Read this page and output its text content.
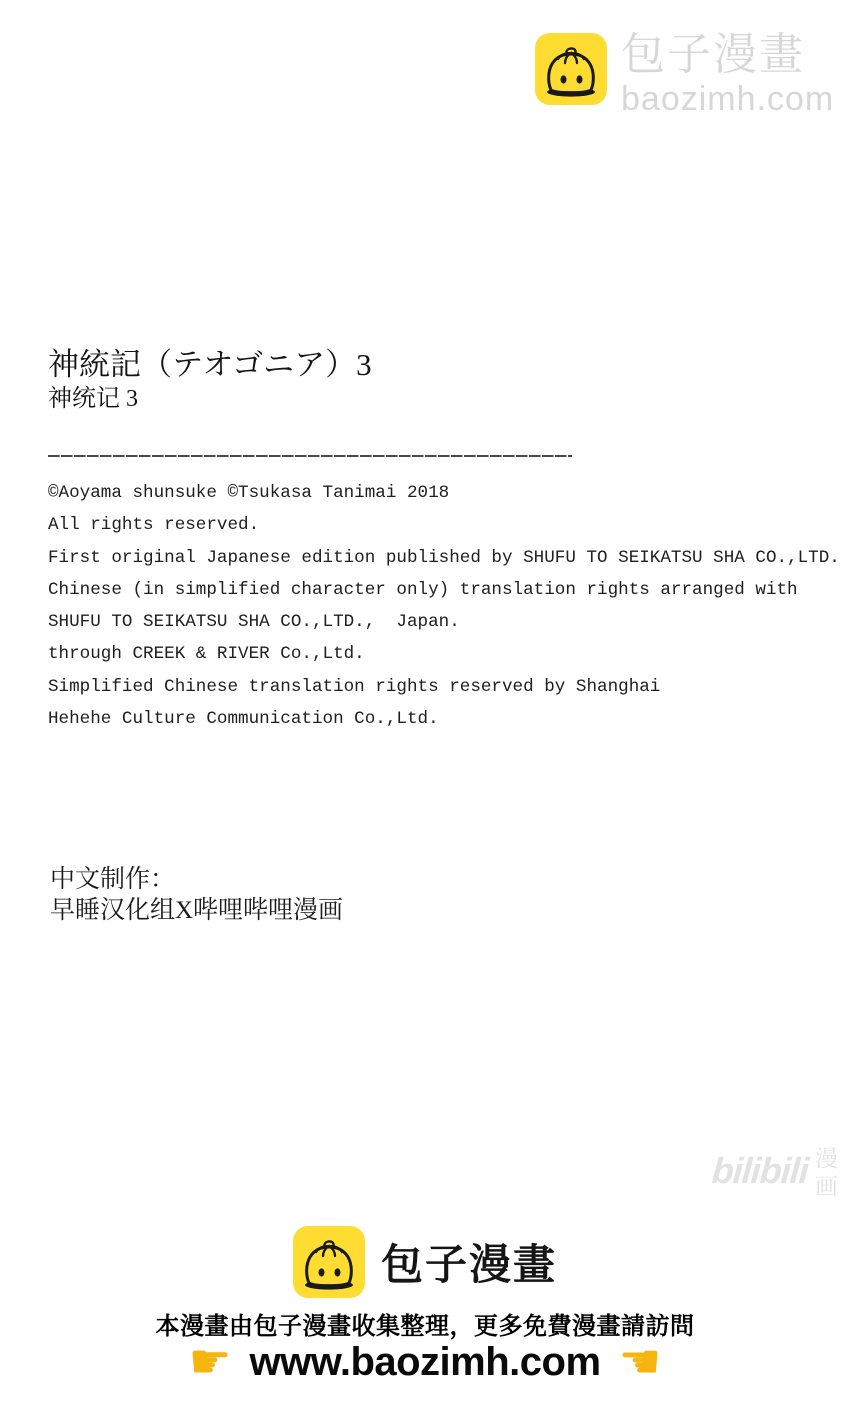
包子漫畫
baozimh.com
神統記（テオゴニア）3
神统记 3
©Aoyama shunsuke ©Tsukasa Tanimai 2018
All rights reserved.
First original Japanese edition published by SHUFU TO SEIKATSU SHA CO.,LTD.
Chinese (in simplified character only) translation rights arranged with
SHUFU TO SEIKATSU SHA CO.,LTD.,  Japan.
through CREEK & RIVER Co.,Ltd.
Simplified Chinese translation rights reserved by Shanghai
Hehehe Culture Communication Co.,Ltd.
中文制作：
早睡汉化组X哔哩哔哩漫画
bilibili 漫
画
包子漫畫
本漫畫由包子漫畫收集整理，更多免費漫畫請訪問
☛ www.baozimh.com ☚
